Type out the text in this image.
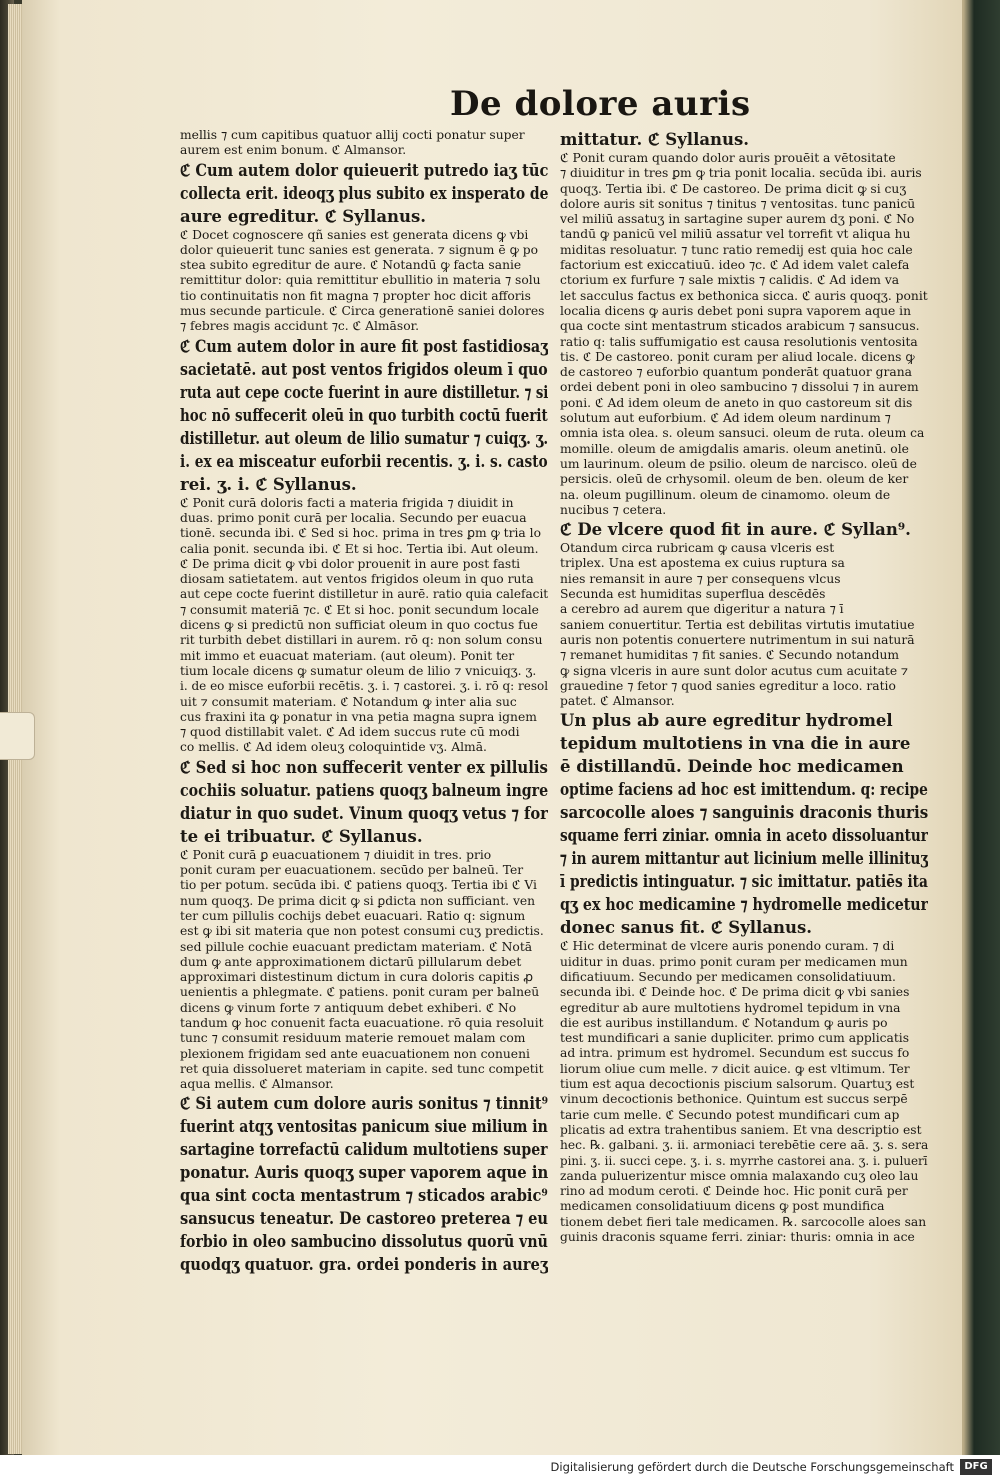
De dolore auris
mellis ⁊ cum capitibus quatuor allij cocti ponatur super
aurem est enim bonum. ℭ Almansor.
ℭ Cum autem dolor quieuerit putredo iaʒ tūc
collecta erit. ideoqʒ plus subito ex insperato de
aure egreditur. ℭ Syllanus.
ℭ Docet cognoscere qñ sanies est generata dicens ꝙ vbi
dolor quieuerit tunc sanies est generata. ⁊ signum ē ꝙ po
stea subito egreditur de aure. ℭ Notandū ꝙ facta sanie
remittitur dolor: quia remittitur ebullitio in materia ⁊ solu
tio continuitatis non fit magna ⁊ propter hoc dicit afforis
mus secunde particule. ℭ Circa generationē saniei dolores
⁊ febres magis accidunt ⁊c. ℭ Almāsor.
ℭ Cum autem dolor in aure fit post fastidiosaʒ
sacietatē. aut post ventos frigidos oleum ī quo
ruta aut cepe cocte fuerint in aure distilletur. ⁊ si
hoc nō suffecerit oleū in quo turbith coctū fuerit
distilletur. aut oleum de lilio sumatur ⁊ cuiqʒ. ʒ.
i. ex ea misceatur euforbii recentis. ʒ. i. s. casto
rei. ʒ. i. ℭ Syllanus.
ℭ Ponit curā doloris facti a materia frigida ⁊ diuidit in
duas. primo ponit curā per localia. Secundo per euacua
tionē. secunda ibi. ℭ Sed si hoc. prima in tres ꝑm ꝙ tria lo
calia ponit. secunda ibi. ℭ Et si hoc. Tertia ibi. Aut oleum.
ℭ De prima dicit ꝙ vbi dolor prouenit in aure post fasti
diosam satietatem. aut ventos frigidos oleum in quo ruta
aut cepe cocte fuerint distilletur in aurē. ratio quia calefacit
⁊ consumit materiā ⁊c. ℭ Et si hoc. ponit secundum locale
dicens ꝙ si predictū non sufficiat oleum in quo coctus fue
rit turbith debet distillari in aurem. rō q: non solum consu
mit immo et euacuat materiam. (aut oleum). Ponit ter
tium locale dicens ꝙ sumatur oleum de lilio ⁊ vnicuiqʒ. ʒ.
i. de eo misce euforbii recētis. ʒ. i. ⁊ castorei. ʒ. i. rō q: resol
uit ⁊ consumit materiam. ℭ Notandum ꝙ inter alia suc
cus fraxini ita ꝙ ponatur in vna petia magna supra ignem
⁊ quod distillabit valet. ℭ Ad idem succus rute cū modi
co mellis. ℭ Ad idem oleuʒ coloquintide vʒ. Almā.
ℭ Sed si hoc non suffecerit venter ex pillulis
cochiis soluatur. patiens quoqʒ balneum ingre
diatur in quo sudet. Vinum quoqʒ vetus ⁊ for
te ei tribuatur. ℭ Syllanus.
ℭ Ponit curā ꝑ euacuationem ⁊ diuidit in tres. prio
ponit curam per euacuationem. secūdo per balneū. Ter
tio per potum. secūda ibi. ℭ patiens quoqʒ. Tertia ibi ℭ Vi
num quoqʒ. De prima dicit ꝙ si ꝑdicta non sufficiant. ven
ter cum pillulis cochijs debet euacuari. Ratio q: signum
est ꝙ ibi sit materia que non potest consumi cuʒ predictis.
sed pillule cochie euacuant predictam materiam. ℭ Notā
dum ꝙ ante approximationem dictarū pillularum debet
approximari distestinum dictum in cura doloris capitis ꝓ
uenientis a phlegmate. ℭ patiens. ponit curam per balneū
dicens ꝙ vinum forte ⁊ antiquum debet exhiberi. ℭ No
tandum ꝙ hoc conuenit facta euacuatione. rō quia resoluit
tunc ⁊ consumit residuum materie remouet malam com
plexionem frigidam sed ante euacuationem non conueni
ret quia dissolueret materiam in capite. sed tunc competit
aqua mellis. ℭ Almansor.
ℭ Si autem cum dolore auris sonitus ⁊ tinnit⁹
fuerint atqʒ ventositas panicum siue milium in
sartagine torrefactū calidum multotiens super
ponatur. Auris quoqʒ super vaporem aque in
qua sint cocta mentastrum ⁊ sticados arabic⁹
sansucus teneatur. De castoreo preterea ⁊ eu
forbio in oleo sambucino dissolutus quorū vnū
quodqʒ quatuor. gra. ordei ponderis in aureʒ
mittatur. ℭ Syllanus.
ℭ Ponit curam quando dolor auris prouēit a vētositate
⁊ diuiditur in tres ꝑm ꝙ tria ponit localia. secūda ibi. auris
quoqʒ. Tertia ibi. ℭ De castoreo. De prima dicit ꝙ si cuʒ
dolore auris sit sonitus ⁊ tinitus ⁊ ventositas. tunc panicū
vel miliū assatuʒ in sartagine super aurem dʒ poni. ℭ No
tandū ꝙ panicū vel miliū assatur vel torrefit vt aliqua hu
miditas resoluatur. ⁊ tunc ratio remedij est quia hoc cale
factorium est exiccatiuū. ideo ⁊c. ℭ Ad idem valet calefa
ctorium ex furfure ⁊ sale mixtis ⁊ calidis. ℭ Ad idem va
let sacculus factus ex bethonica sicca. ℭ auris quoqʒ. ponit
localia dicens ꝙ auris debet poni supra vaporem aque in
qua cocte sint mentastrum sticados arabicum ⁊ sansucus.
ratio q: talis suffumigatio est causa resolutionis ventosita
tis. ℭ De castoreo. ponit curam per aliud locale. dicens ꝙ
de castoreo ⁊ euforbio quantum ponderāt quatuor grana
ordei debent poni in oleo sambucino ⁊ dissolui ⁊ in aurem
poni. ℭ Ad idem oleum de aneto in quo castoreum sit dis
solutum aut euforbium. ℭ Ad idem oleum nardinum ⁊
omnia ista olea. s. oleum sansuci. oleum de ruta. oleum ca
momille. oleum de amigdalis amaris. oleum anetinū. ole
um laurinum. oleum de psilio. oleum de narcisco. oleū de
persicis. oleū de crhysomil. oleum de ben. oleum de ker
na. oleum pugillinum. oleum de cinamomo. oleum de
nucibus ⁊ cetera.
ℭ De vlcere quod fit in aure. ℭ Syllan⁹.
Otandum circa rubricam ꝙ causa vlceris est
triplex. Una est apostema ex cuius ruptura sa
nies remansit in aure ⁊ per consequens vlcus
Secunda est humiditas superflua descēdēs
a cerebro ad aurem que digeritur a natura ⁊ ī
saniem conuertitur. Tertia est debilitas virtutis imutatiue
auris non potentis conuertere nutrimentum in sui naturā
⁊ remanet humiditas ⁊ fit sanies. ℭ Secundo notandum
ꝙ signa vlceris in aure sunt dolor acutus cum acuitate ⁊
grauedine ⁊ fetor ⁊ quod sanies egreditur a loco. ratio
patet. ℭ Almansor.
Un plus ab aure egreditur hydromel
tepidum multotiens in vna die in aure
ē distillandū. Deinde hoc medicamen
optime faciens ad hoc est imittendum. q: recipe
sarcocolle aloes ⁊ sanguinis draconis thuris
squame ferri ziniar. omnia in aceto dissoluantur
⁊ in aurem mittantur aut licinium melle illinituʒ
ī predictis intinguatur. ⁊ sic imittatur. patiēs ita
qʒ ex hoc medicamine ⁊ hydromelle medicetur
donec sanus fit. ℭ Syllanus.
ℭ Hic determinat de vlcere auris ponendo curam. ⁊ di
uiditur in duas. primo ponit curam per medicamen mun
dificatiuum. Secundo per medicamen consolidatiuum.
secunda ibi. ℭ Deinde hoc. ℭ De prima dicit ꝙ vbi sanies
egreditur ab aure multotiens hydromel tepidum in vna
die est auribus instillandum. ℭ Notandum ꝙ auris po
test mundificari a sanie dupliciter. primo cum applicatis
ad intra. primum est hydromel. Secundum est succus fo
liorum oliue cum melle. ⁊ dicit auice. ꝙ est vltimum. Ter
tium est aqua decoctionis piscium salsorum. Quartuʒ est
vinum decoctionis bethonice. Quintum est succus serpē
tarie cum melle. ℭ Secundo potest mundificari cum ap
plicatis ad extra trahentibus saniem. Et vna descriptio est
hec. ℞. galbani. ʒ. ii. armoniaci terebētie cere aā. ʒ. s. sera
pini. ʒ. ii. succi cepe. ʒ. i. s. myrrhe castorei ana. ʒ. i. puluerī
zanda puluerizentur misce omnia malaxando cuʒ oleo lau
rino ad modum ceroti. ℭ Deinde hoc. Hic ponit curā per
medicamen consolidatiuum dicens ꝙ post mundifica
tionem debet fieri tale medicamen. ℞. sarcocolle aloes san
guinis draconis squame ferri. ziniar: thuris: omnia in ace
Digitalisierung gefördert durch die Deutsche Forschungsgemeinschaft	DFG
